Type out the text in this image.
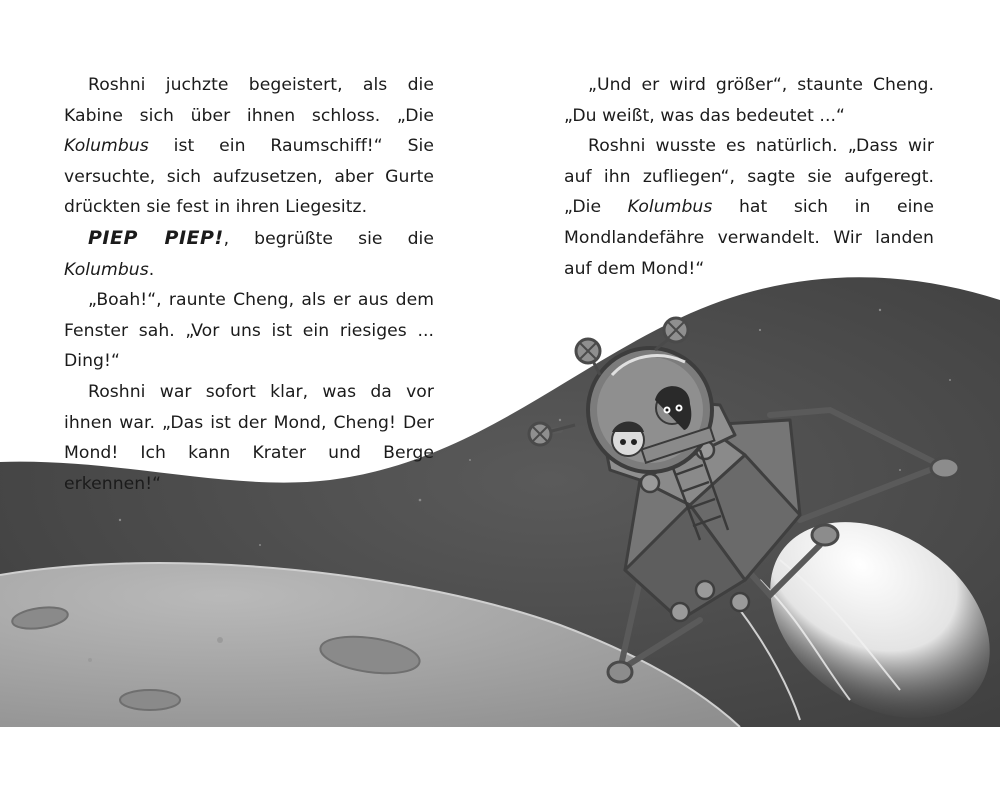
Roshni juchzte begeistert, als die Kabine sich über ihnen schloss. „Die Kolumbus ist ein Raumschiff!“ Sie versuchte, sich aufzusetzen, aber Gurte drückten sie fest in ihren Liegesitz.

PIEP PIEP!, begrüßte sie die Kolumbus.

„Boah!“, raunte Cheng, als er aus dem Fenster sah. „Vor uns ist ein riesiges ... Ding!“

Roshni war sofort klar, was da vor ihnen war. „Das ist der Mond, Cheng! Der Mond! Ich kann Krater und Berge erkennen!“

„Und er wird größer“, staunte Cheng. „Du weißt, was das bedeutet ...“

Roshni wusste es natürlich. „Dass wir auf ihn zufliegen“, sagte sie aufgeregt. „Die Kolumbus hat sich in eine Mondlandefähre verwandelt. Wir landen auf dem Mond!“
